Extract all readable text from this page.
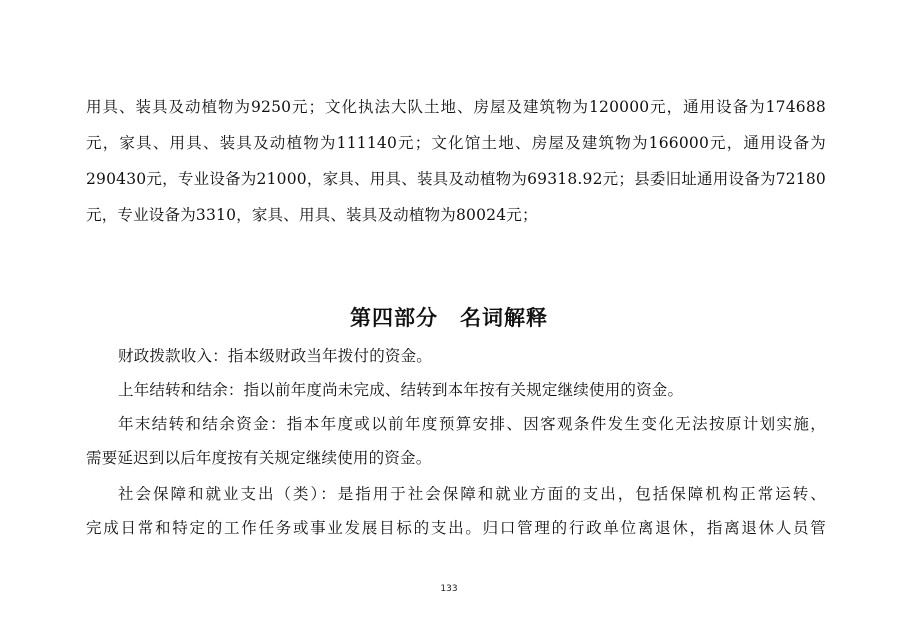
用具、装具及动植物为9250元；文化执法大队土地、房屋及建筑物为120000元，通用设备为174688
元，家具、用具、装具及动植物为111140元；文化馆土地、房屋及建筑物为166000元，通用设备为
290430元，专业设备为21000，家具、用具、装具及动植物为69318.92元；县委旧址通用设备为72180
元，专业设备为3310，家具、用具、装具及动植物为80024元；
第四部分　名词解释
财政拨款收入：指本级财政当年拨付的资金。
上年结转和结余：指以前年度尚未完成、结转到本年按有关规定继续使用的资金。
年末结转和结余资金：指本年度或以前年度预算安排、因客观条件发生变化无法按原计划实施，
需要延迟到以后年度按有关规定继续使用的资金。
社会保障和就业支出（类）：是指用于社会保障和就业方面的支出，包括保障机构正常运转、
完成日常和特定的工作任务或事业发展目标的支出。归口管理的行政单位离退休，指离退休人员管
133
